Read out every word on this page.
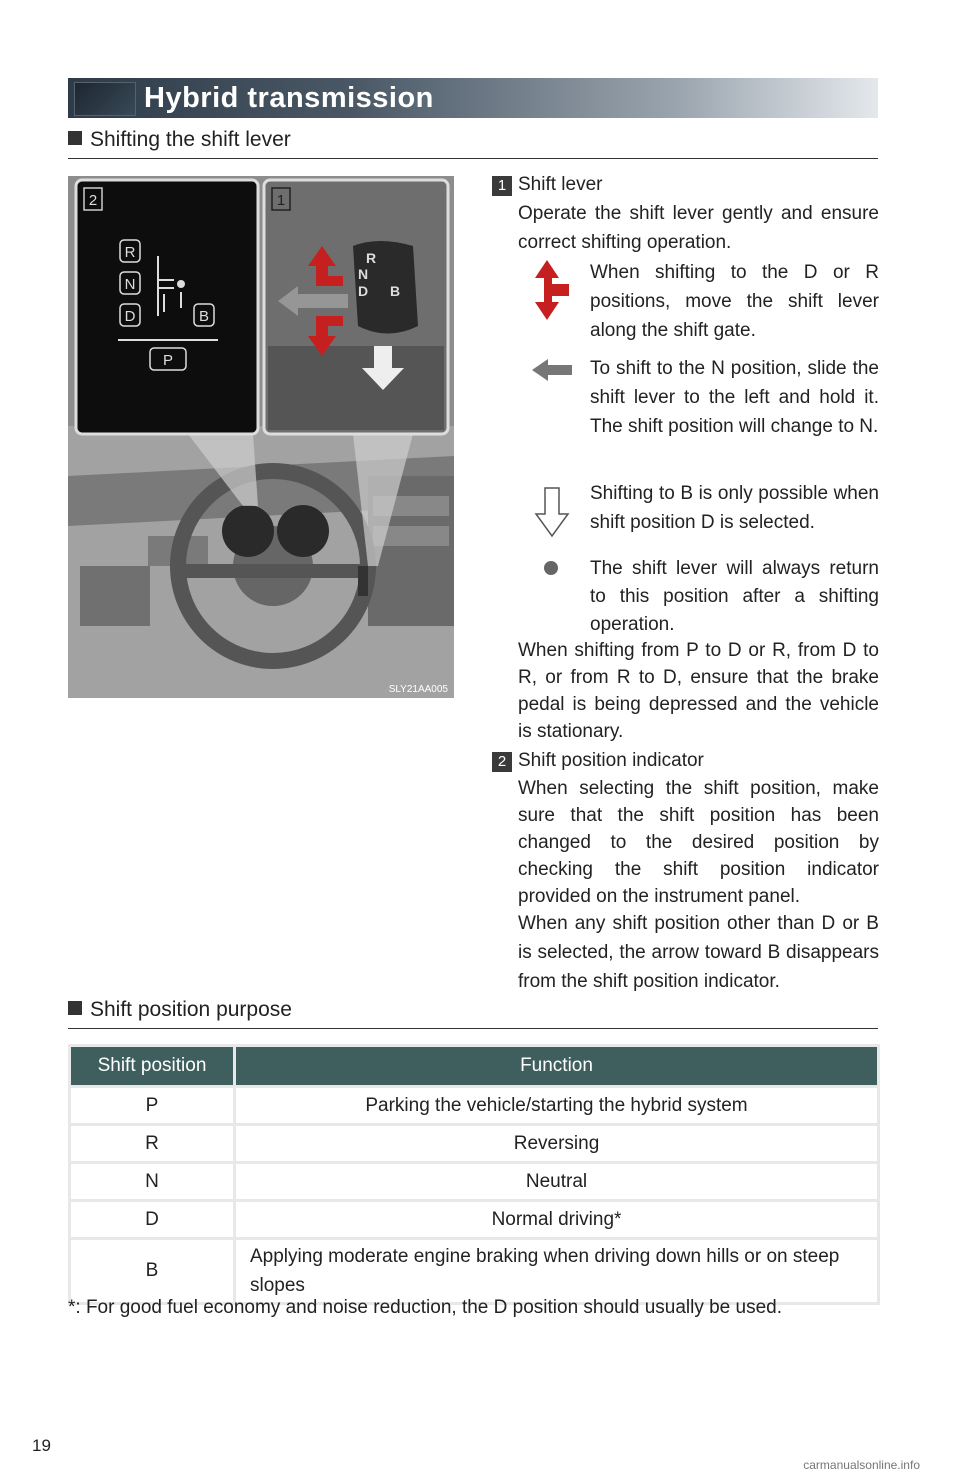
Hybrid transmission
Shifting the shift lever
2
R
N
D	B
P
1
R
N
D B
SLY21AA005
1 Shift lever
Operate the shift lever gently and ensure correct shifting operation.
When shifting to the D or R positions, move the shift lever along the shift gate.
To shift to the N position, slide the shift lever to the left and hold it. The shift position will change to N.
Shifting to B is only possible when shift position D is selected.
The shift lever will always return to this position after a shifting operation.
When shifting from P to D or R, from D to R, or from R to D, ensure that the brake pedal is being depressed and the vehicle is stationary.
2 Shift position indicator
When selecting the shift position, make sure that the shift position has been changed to the desired position by checking the shift position indicator provided on the instrument panel.
When any shift position other than D or B is selected, the arrow toward B disappears from the shift position indicator.
Shift position purpose
Shift position	Function
P	Parking the vehicle/starting the hybrid system
R	Reversing
N	Neutral
D	Normal driving*
B	Applying moderate engine braking when driving down hills or on steep slopes
*: For good fuel economy and noise reduction, the D position should usually be used.
19
carmanualsonline.info
